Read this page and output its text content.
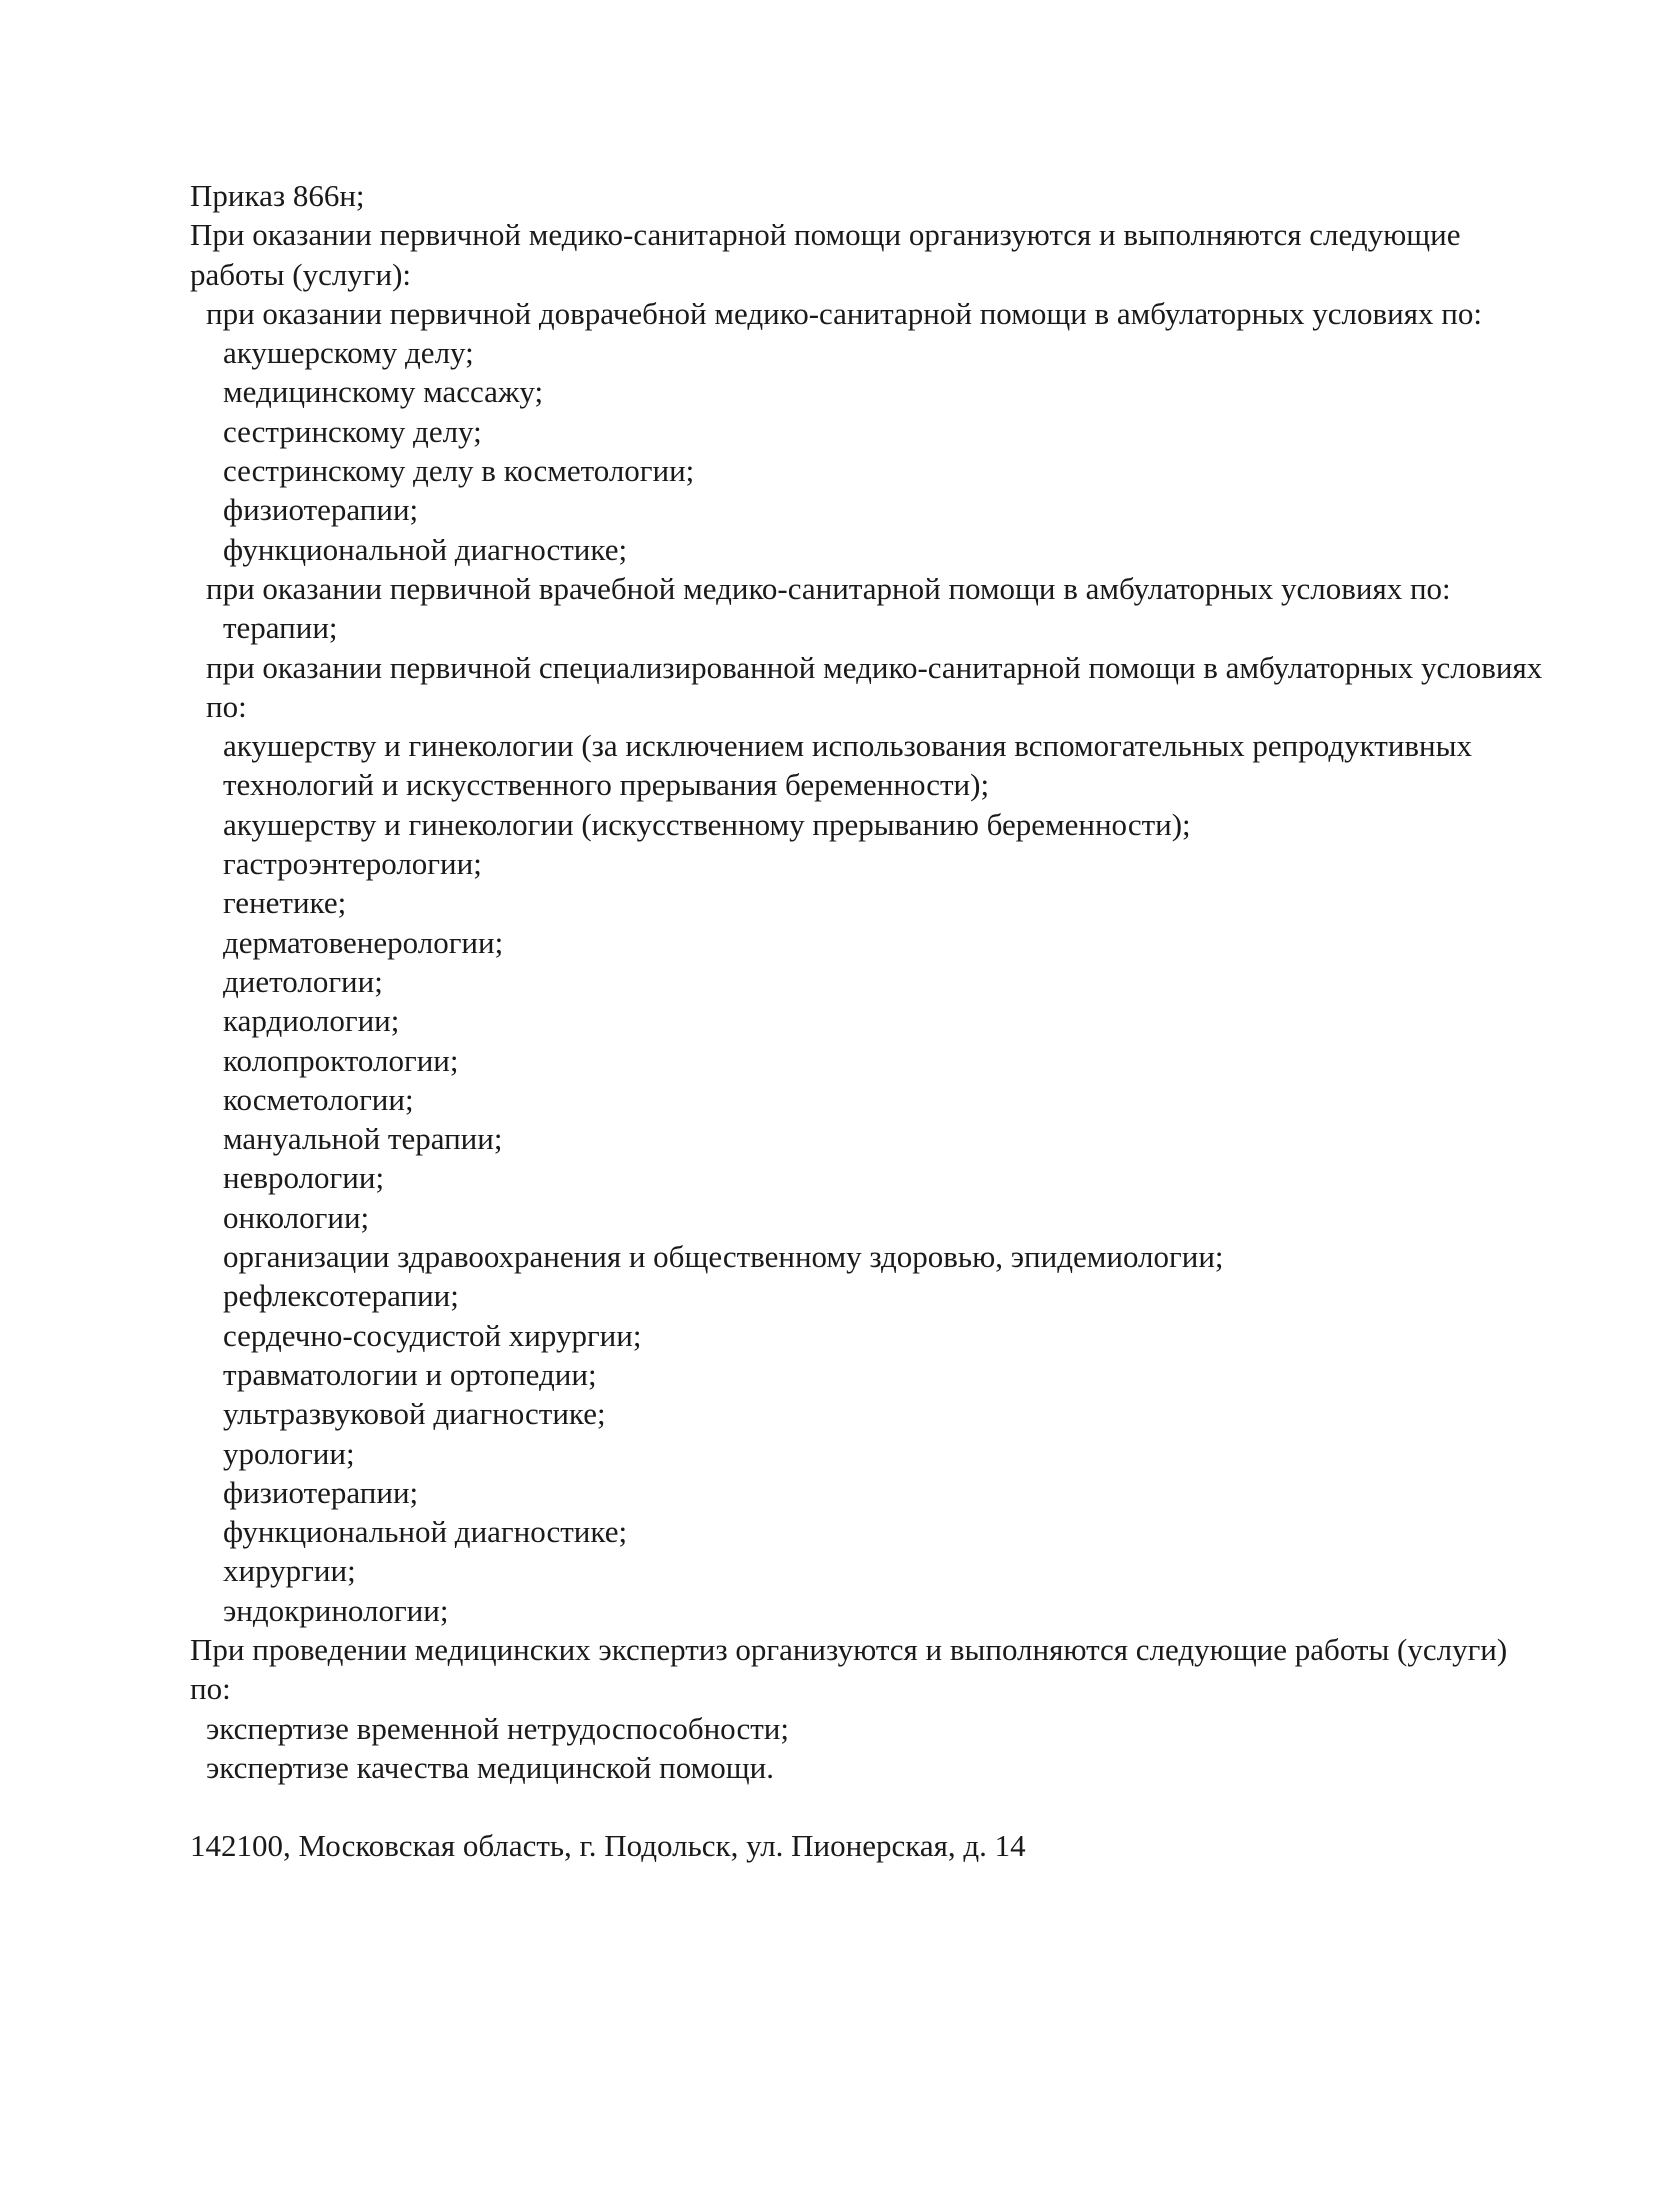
Приказ 866н;

При оказании первичной медико-санитарной помощи организуются и выполняются следующие работы (услуги):

при оказании первичной доврачебной медико-санитарной помощи в амбулаторных условиях по:

акушерскому делу;

медицинскому массажу;

сестринскому делу;

сестринскому делу в косметологии;

физиотерапии;

функциональной диагностике;

при оказании первичной врачебной медико-санитарной помощи в амбулаторных условиях по:

терапии;

при оказании первичной специализированной медико-санитарной помощи в амбулаторных условиях по:

акушерству и гинекологии (за исключением использования вспомогательных репродуктивных технологий и искусственного прерывания беременности);

акушерству и гинекологии (искусственному прерыванию беременности);

гастроэнтерологии;

генетике;

дерматовенерологии;

диетологии;

кардиологии;

колопроктологии;

косметологии;

мануальной терапии;

неврологии;

онкологии;

организации здравоохранения и общественному здоровью, эпидемиологии;

рефлексотерапии;

сердечно-сосудистой хирургии;

травматологии и ортопедии;

ультразвуковой диагностике;

урологии;

физиотерапии;

функциональной диагностике;

хирургии;

эндокринологии;

При проведении медицинских экспертиз организуются и выполняются следующие работы (услуги) по:

экспертизе временной нетрудоспособности;

экспертизе качества медицинской помощи.

142100, Московская область, г. Подольск, ул. Пионерская, д. 14
